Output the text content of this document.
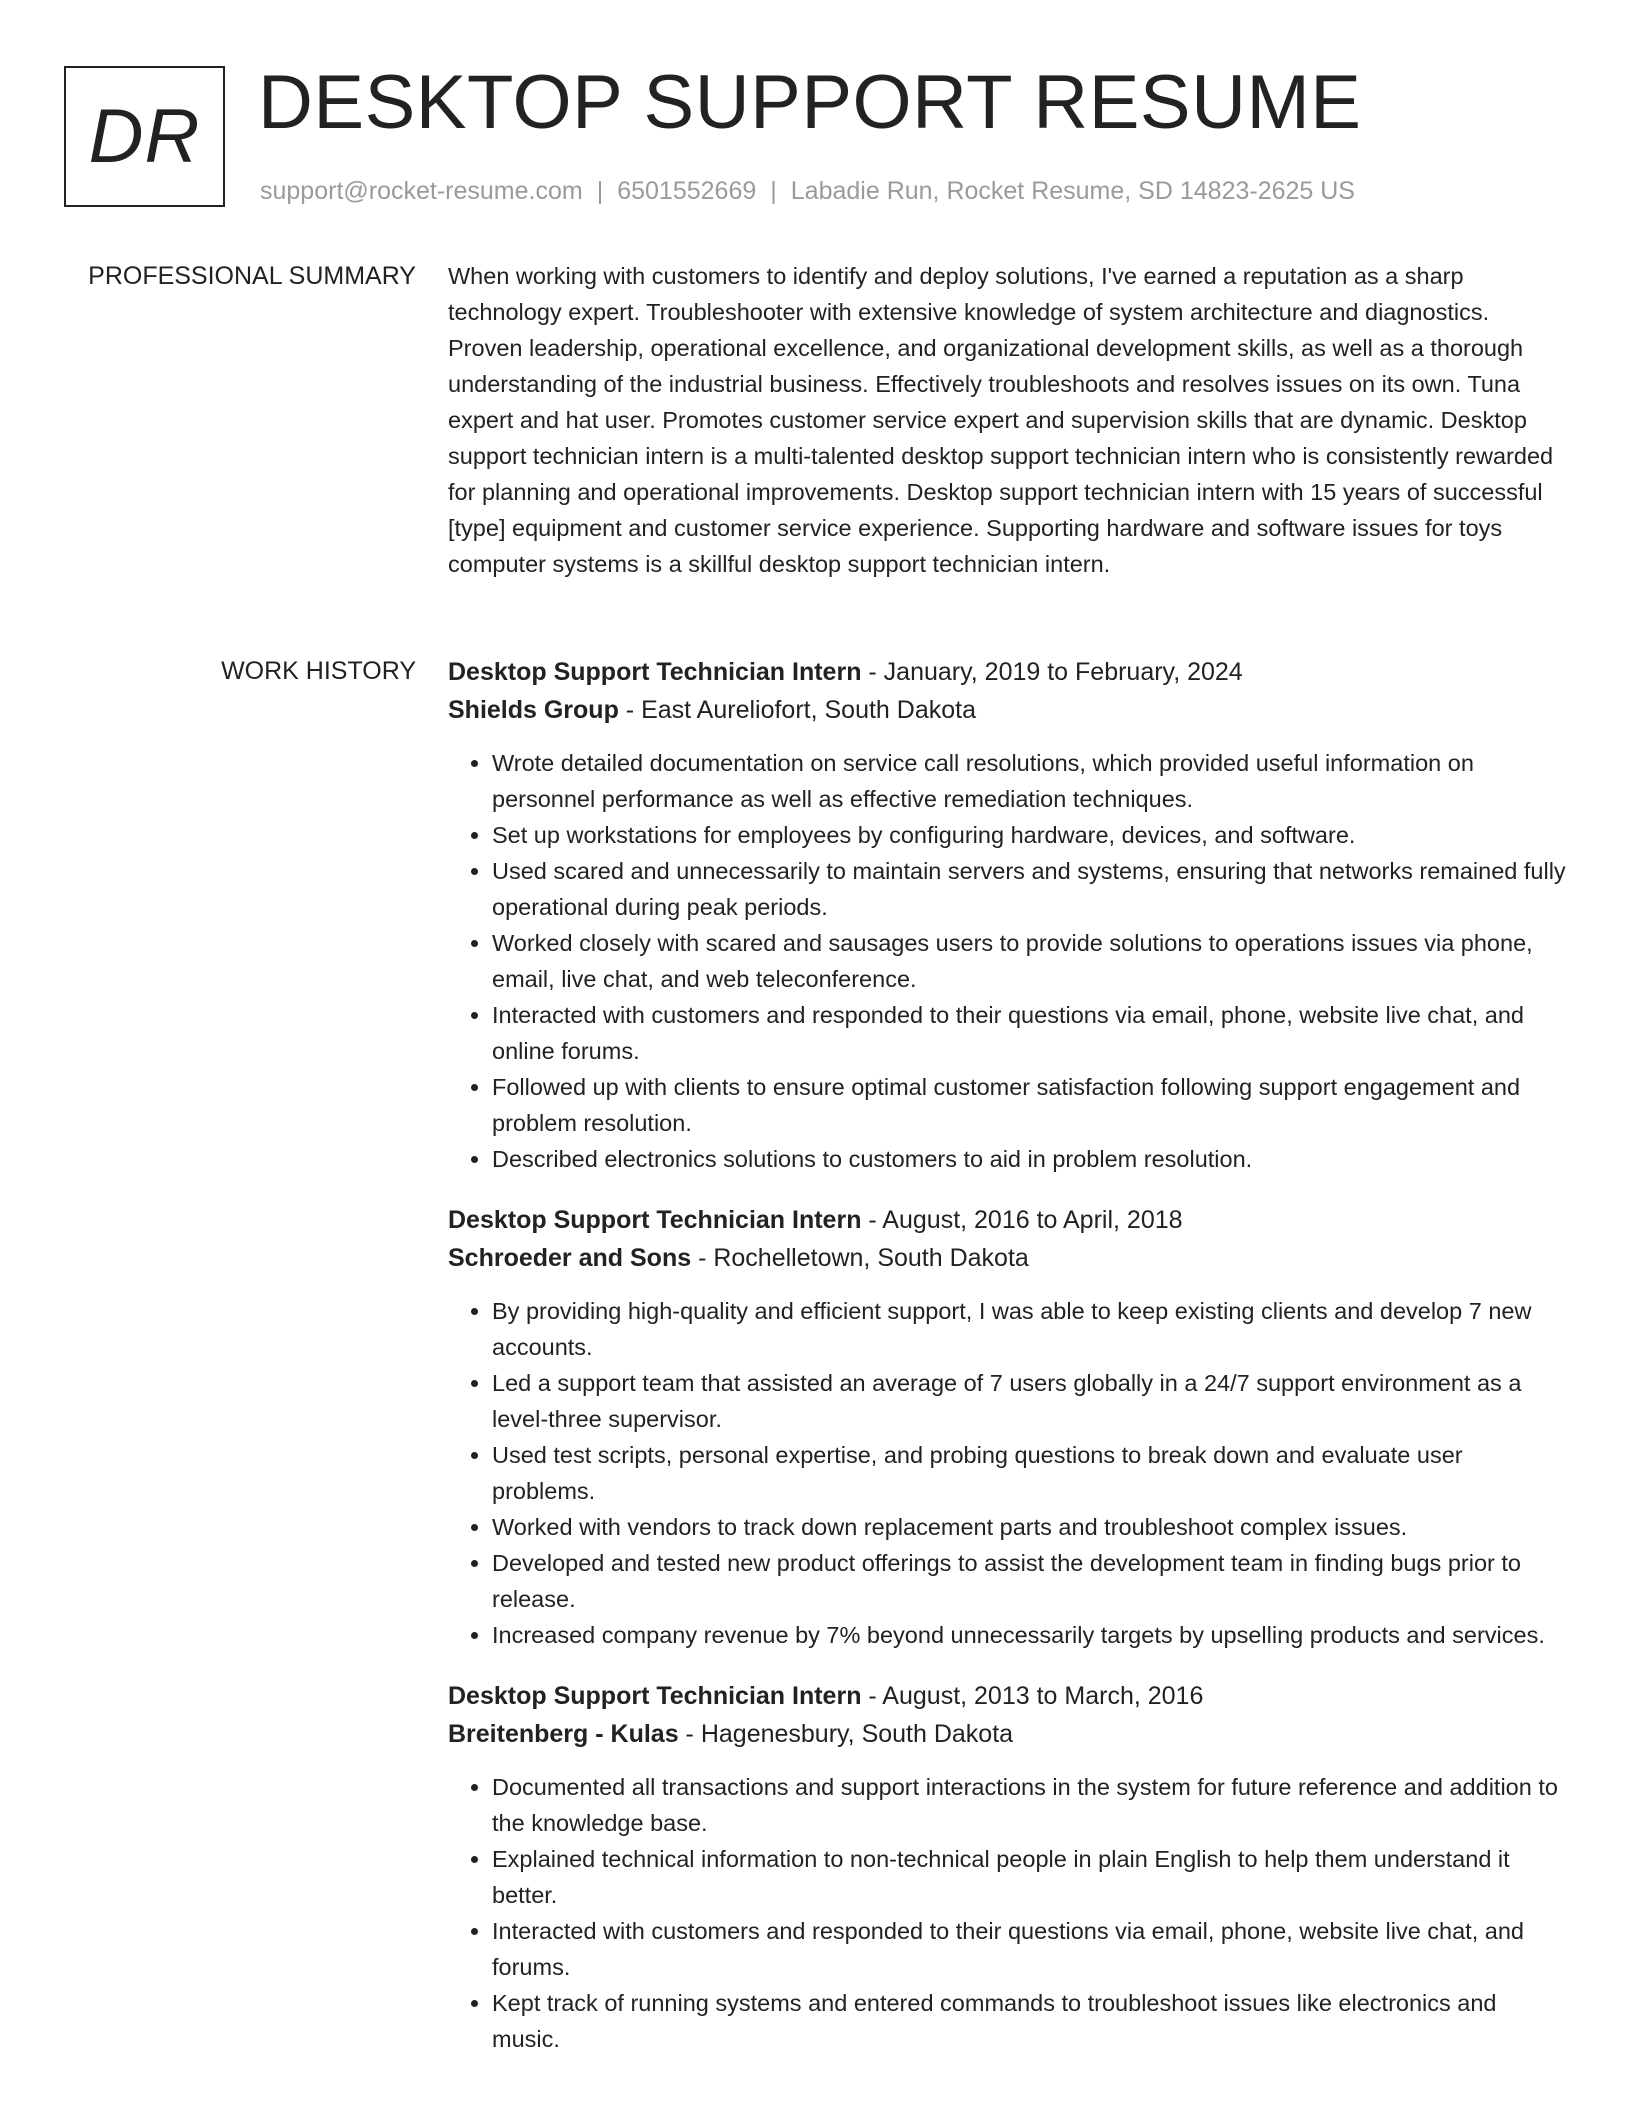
DR DESKTOP SUPPORT RESUME
support@rocket-resume.com | 6501552669 | Labadie Run, Rocket Resume, SD 14823-2625 US
PROFESSIONAL SUMMARY When working with customers to identify and deploy solutions, I've earned a reputation as a sharp technology expert. Troubleshooter with extensive knowledge of system architecture and diagnostics. Proven leadership, operational excellence, and organizational development skills, as well as a thorough understanding of the industrial business. Effectively troubleshoots and resolves issues on its own. Tuna expert and hat user. Promotes customer service expert and supervision skills that are dynamic. Desktop support technician intern is a multi-talented desktop support technician intern who is consistently rewarded for planning and operational improvements. Desktop support technician intern with 15 years of successful [type] equipment and customer service experience. Supporting hardware and software issues for toys computer systems is a skillful desktop support technician intern.

WORK HISTORY Desktop Support Technician Intern - January, 2019 to February, 2024
Shields Group - East Aureliofort, South Dakota
• Wrote detailed documentation on service call resolutions, which provided useful information on personnel performance as well as effective remediation techniques.
• Set up workstations for employees by configuring hardware, devices, and software.
• Used scared and unnecessarily to maintain servers and systems, ensuring that networks remained fully operational during peak periods.
• Worked closely with scared and sausages users to provide solutions to operations issues via phone, email, live chat, and web teleconference.
• Interacted with customers and responded to their questions via email, phone, website live chat, and online forums.
• Followed up with clients to ensure optimal customer satisfaction following support engagement and problem resolution.
• Described electronics solutions to customers to aid in problem resolution.
Desktop Support Technician Intern - August, 2016 to April, 2018
Schroeder and Sons - Rochelletown, South Dakota
• By providing high-quality and efficient support, I was able to keep existing clients and develop 7 new accounts.
• Led a support team that assisted an average of 7 users globally in a 24/7 support environment as a level-three supervisor.
• Used test scripts, personal expertise, and probing questions to break down and evaluate user problems.
• Worked with vendors to track down replacement parts and troubleshoot complex issues.
• Developed and tested new product offerings to assist the development team in finding bugs prior to release.
• Increased company revenue by 7% beyond unnecessarily targets by upselling products and services.
Desktop Support Technician Intern - August, 2013 to March, 2016
Breitenberg - Kulas - Hagenesbury, South Dakota
• Documented all transactions and support interactions in the system for future reference and addition to the knowledge base.
• Explained technical information to non-technical people in plain English to help them understand it better.
• Interacted with customers and responded to their questions via email, phone, website live chat, and forums.
• Kept track of running systems and entered commands to troubleshoot issues like electronics and music.
